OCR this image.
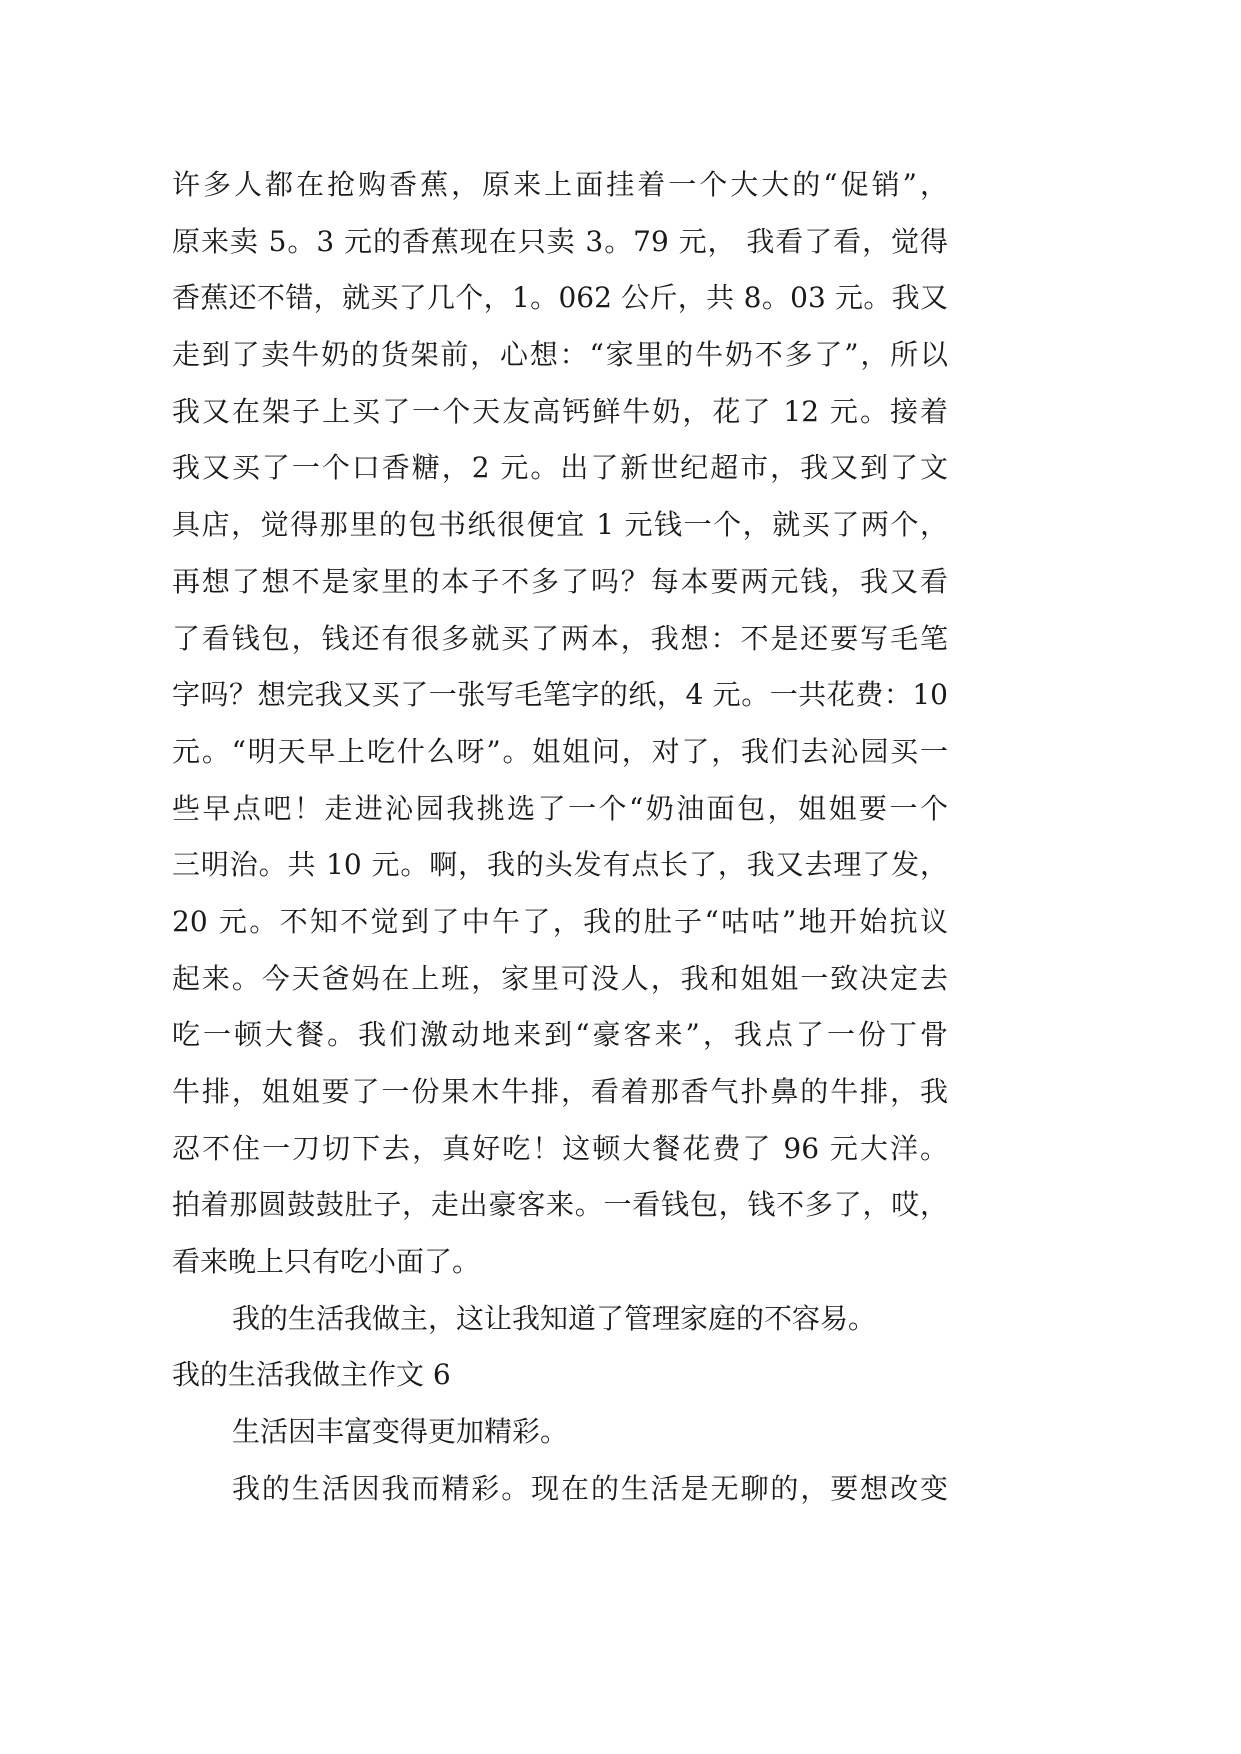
许多人都在抢购香蕉，原来上面挂着一个大大的“促销”，
原来卖 5。3 元的香蕉现在只卖 3。79 元， 我看了看，觉得
香蕉还不错，就买了几个，1。062 公斤，共 8。03 元。我又
走到了卖牛奶的货架前，心想：“家里的牛奶不多了”，所以
我又在架子上买了一个天友高钙鲜牛奶，花了 12 元。接着
我又买了一个口香糖，2 元。出了新世纪超市，我又到了文
具店，觉得那里的包书纸很便宜 1 元钱一个，就买了两个，
再想了想不是家里的本子不多了吗？每本要两元钱，我又看
了看钱包，钱还有很多就买了两本，我想：不是还要写毛笔
字吗？想完我又买了一张写毛笔字的纸，4 元。一共花费：10
元。“明天早上吃什么呀”。姐姐问，对了，我们去沁园买一
些早点吧！走进沁园我挑选了一个“奶油面包，姐姐要一个
三明治。共 10 元。啊，我的头发有点长了，我又去理了发，
20 元。不知不觉到了中午了，我的肚子“咕咕”地开始抗议
起来。今天爸妈在上班，家里可没人，我和姐姐一致决定去
吃一顿大餐。我们激动地来到“豪客来”，我点了一份丁骨
牛排，姐姐要了一份果木牛排，看着那香气扑鼻的牛排，我
忍不住一刀切下去，真好吃！这顿大餐花费了 96 元大洋。
拍着那圆鼓鼓肚子，走出豪客来。一看钱包，钱不多了，哎，
看来晚上只有吃小面了。
我的生活我做主，这让我知道了管理家庭的不容易。
我的生活我做主作文 6
生活因丰富变得更加精彩。
我的生活因我而精彩。现在的生活是无聊的，要想改变
